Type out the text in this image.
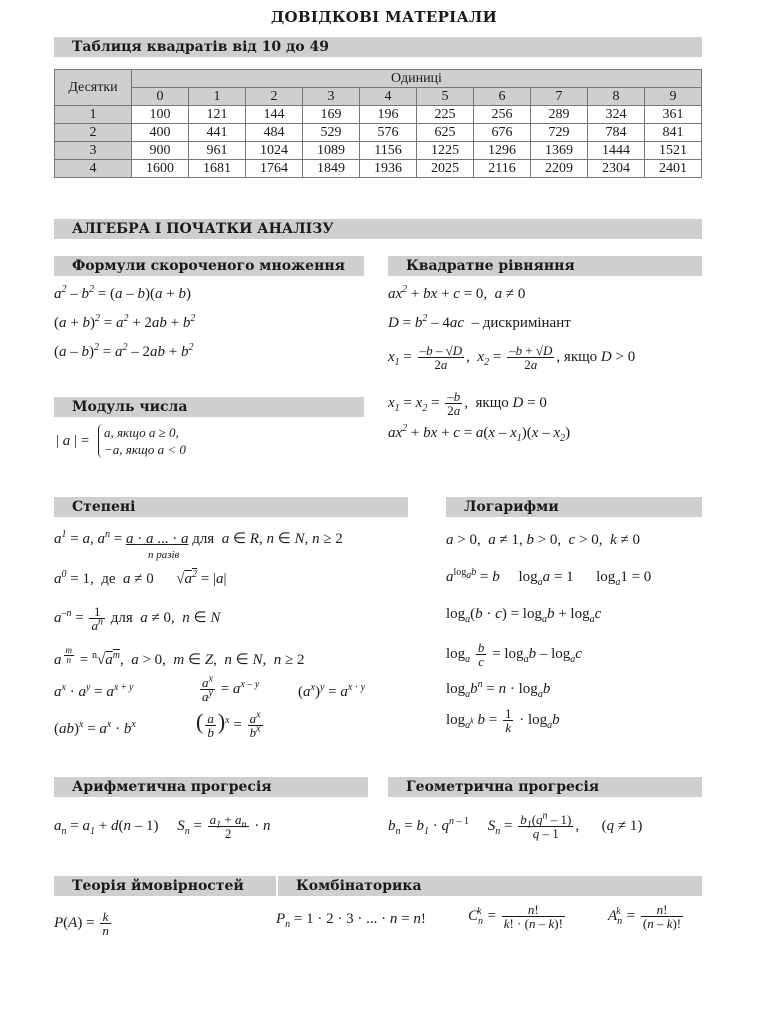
ДОВІДКОВІ МАТЕРІАЛИ
Таблиця квадратів від 10 до 49
Десятки	Одиниці									
	0	1	2	3	4	5	6	7	8	9
1	100	121	144	169	196	225	256	289	324	361
2	400	441	484	529	576	625	676	729	784	841
3	900	961	1024	1089	1156	1225	1296	1369	1444	1521
4	1600	1681	1764	1849	1936	2025	2116	2209	2304	2401
АЛГЕБРА І ПОЧАТКИ АНАЛІЗУ
Формули скороченого множення
$a^2 - b^2 = (a - b)(a + b)$
$(a + b)^2 = a^2 + 2ab + b^2$
$(a - b)^2 = a^2 - 2ab + b^2$
Модуль числа
| a | =
a, якщо a ≥ 0,
−a, якщо a < 0
Квадратне рівняння
$ax^2$ + bx + c = 0,  a ≠ 0
$D = b^2 - 4ac$  – дискримінант
$x_1 = \frac{-b - √D}{2a}$ ,  $x_2 = \frac{-b + √D}{2a}$ , якщо D > 0
$x_1 = x_2 = \frac{-b}{2a}$ ,  якщо D = 0
$ax^2$ + bx + $c = a(x - x_1)(x - x_2)$
Степені
$a^1 = a$, $a^n = a \cdot a$ ... · a
n разів
для  a ∈ R, n ∈ N, n ≥ 2
$a^0 = 1$,  де  a ≠ 0      $√a^2 = |a|$
$a^{-n} = \frac{1}{a^n}$ для  a ≠ 0,  n ∈ N
a $^{\frac{m}{n}} = ^n√a^m$,  a > 0,  m ∈ Z,  n ∈ N,  n ≥ 2
$a^x \cdot a^y = a^{x + y}$	$\frac{a^x}{a^y} = a^{x - y}$	$(a^x)^y = a^{x \cdot y}$
$(ab)^x = a^x \cdot b^x$	( $\frac{a}{b} )^x = \frac{a^x}{b^x}$
Логарифми
a > 0,  a ≠ 1, b > 0,  c > 0,  k ≠ 0
$a^{log_ab} = b$     $\log_aa = 1$      $\log_a1 = 0$
$\log_a(b \cdot c) = \log_ab + \log_ac$
$\log_a \frac{b}{c} = \log_ab - \log_ac$
$\log_ab^n = n \cdot \log_ab$
$\log_{a^k} b = \frac{1}{k} \cdot \log_ab$
Арифметична прогресія
$a_n = a_1 + d(n - 1)$     $S_n = \frac{a_1 + a_n}{2} \cdot n$
Геометрична прогресія
$b_n = b_1 \cdot q^{n - 1}$     $S_n = \frac{b_1(q^n - 1)}{q - 1}$ ,      (q ≠ 1)
Теорія ймовірностей
$P(A) = \frac{k}{n}$
Комбінаторика
$P_n = 1 \cdot 2 \cdot 3$ · ... · n = n!	$C_n^k = \frac{n!}{k! \cdot (n - k)!}$	$A_n^k = \frac{n!}{(n - k)!}$
